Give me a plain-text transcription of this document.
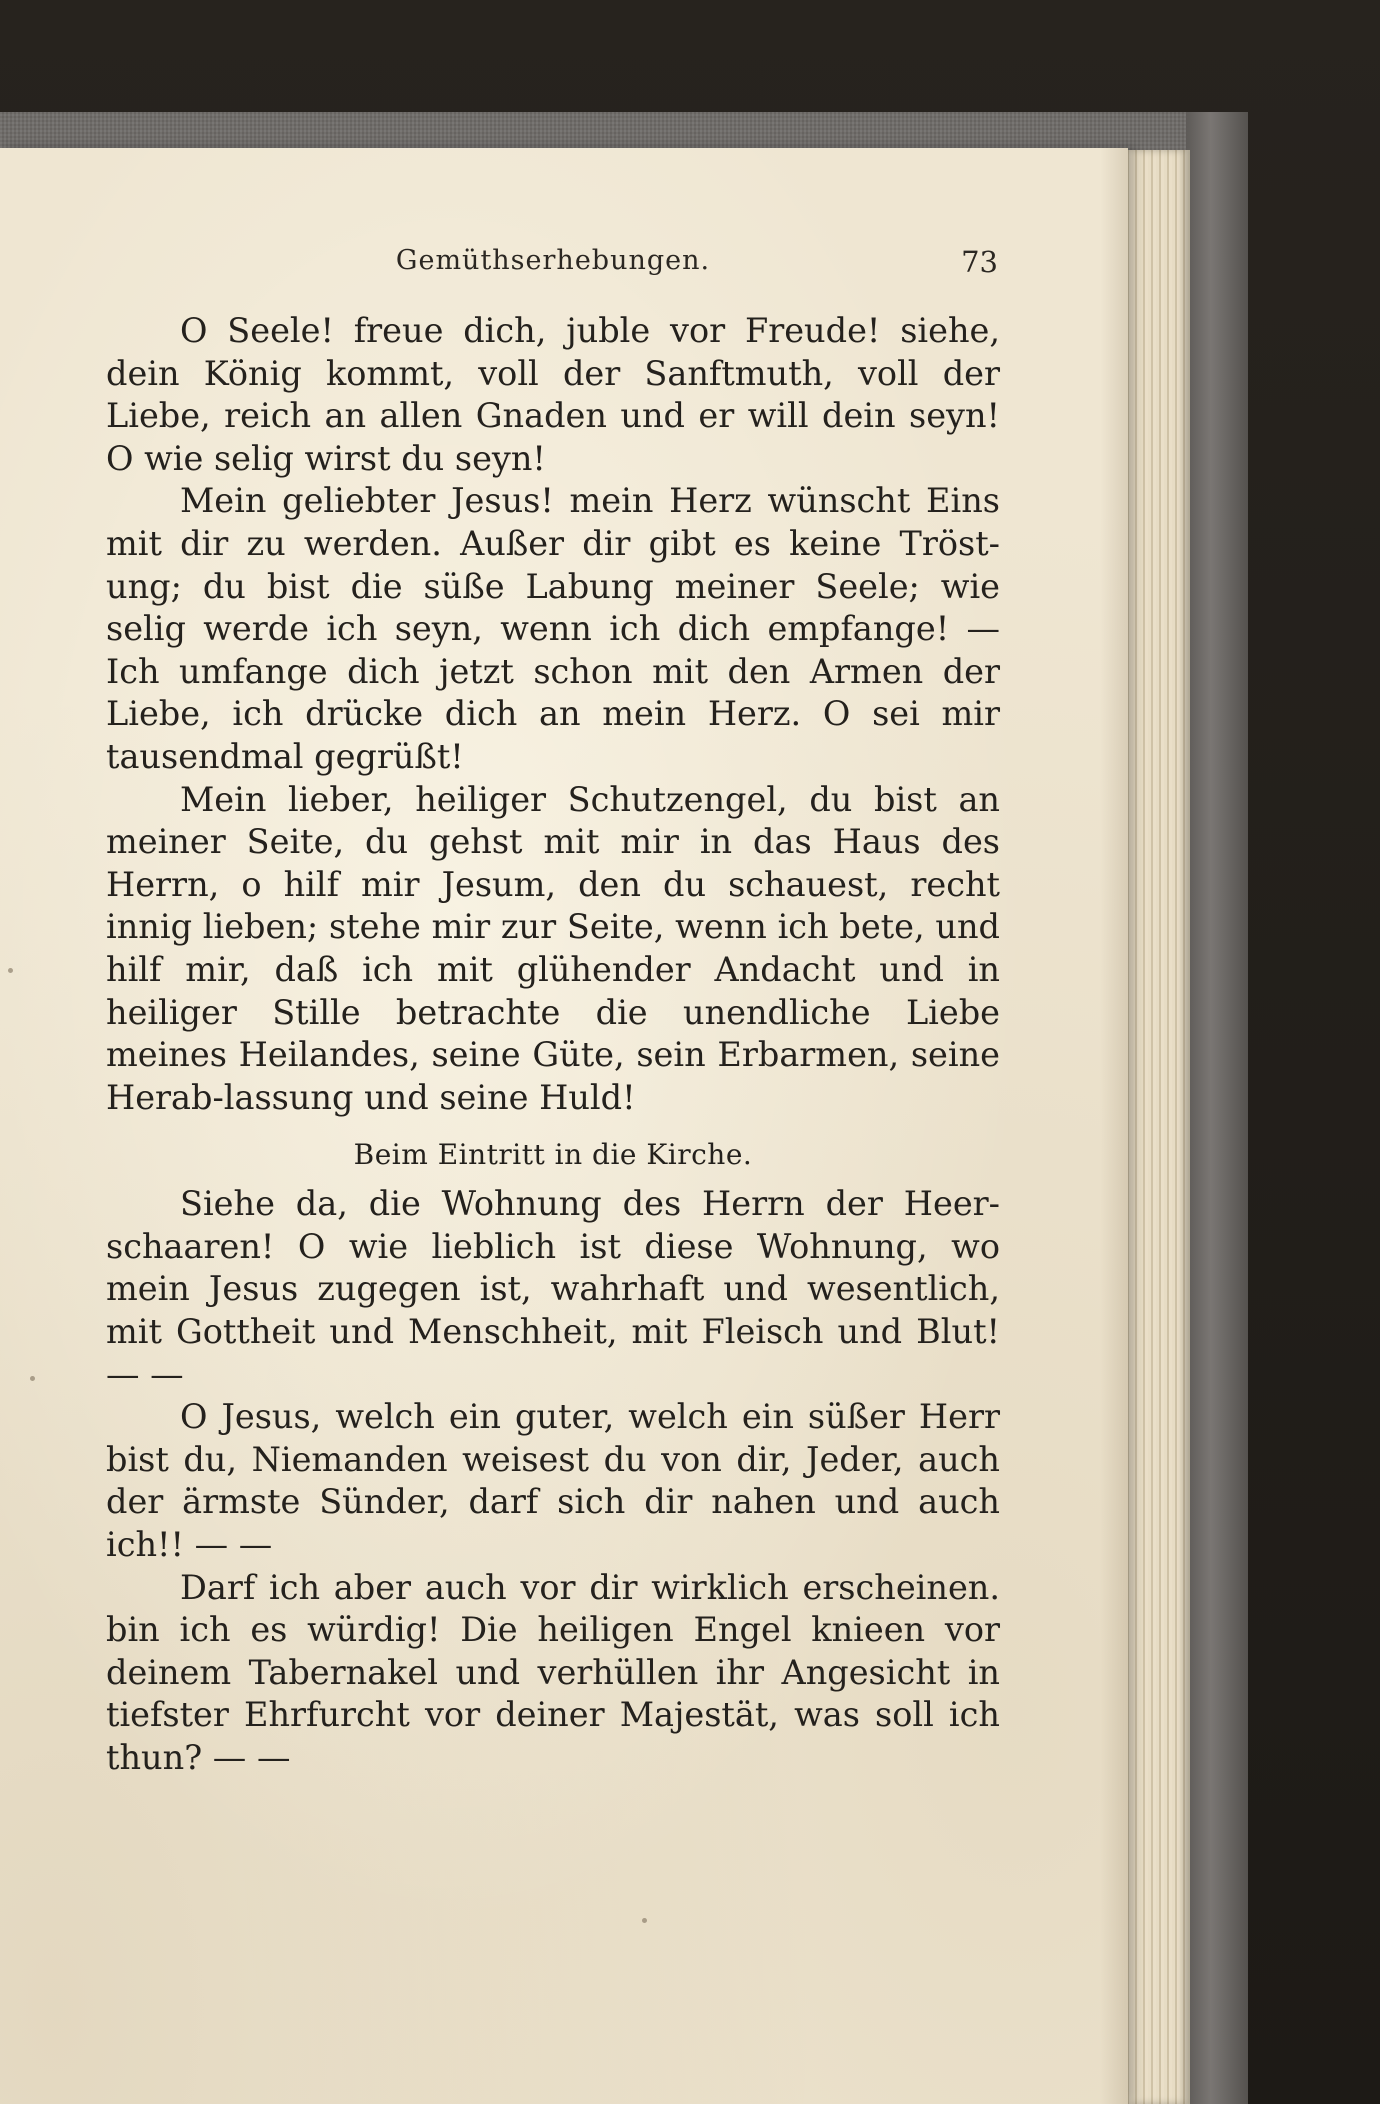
Gemüthserhebungen.	73

O Seele! freue dich, juble vor Freude! siehe, dein König kommt, voll der Sanftmuth, voll der Liebe, reich an allen Gnaden und er will dein seyn! O wie selig wirst du seyn!

Mein geliebter Jesus! mein Herz wünscht Eins mit dir zu werden. Außer dir gibt es keine Tröst-ung; du bist die süße Labung meiner Seele; wie selig werde ich seyn, wenn ich dich empfange! — Ich umfange dich jetzt schon mit den Armen der Liebe, ich drücke dich an mein Herz. O sei mir tausendmal gegrüßt!

Mein lieber, heiliger Schutzengel, du bist an meiner Seite, du gehst mit mir in das Haus des Herrn, o hilf mir Jesum, den du schauest, recht innig lieben; stehe mir zur Seite, wenn ich bete, und hilf mir, daß ich mit glühender Andacht und in heiliger Stille betrachte die unendliche Liebe meines Heilandes, seine Güte, sein Erbarmen, seine Herab-lassung und seine Huld!

Beim Eintritt in die Kirche.

Siehe da, die Wohnung des Herrn der Heer-schaaren! O wie lieblich ist diese Wohnung, wo mein Jesus zugegen ist, wahrhaft und wesentlich, mit Gottheit und Menschheit, mit Fleisch und Blut! — —

O Jesus, welch ein guter, welch ein süßer Herr bist du, Niemanden weisest du von dir, Jeder, auch der ärmste Sünder, darf sich dir nahen und auch ich!! — —

Darf ich aber auch vor dir wirklich erscheinen. bin ich es würdig! Die heiligen Engel knieen vor deinem Tabernakel und verhüllen ihr Angesicht in tiefster Ehrfurcht vor deiner Majestät, was soll ich thun? — —
